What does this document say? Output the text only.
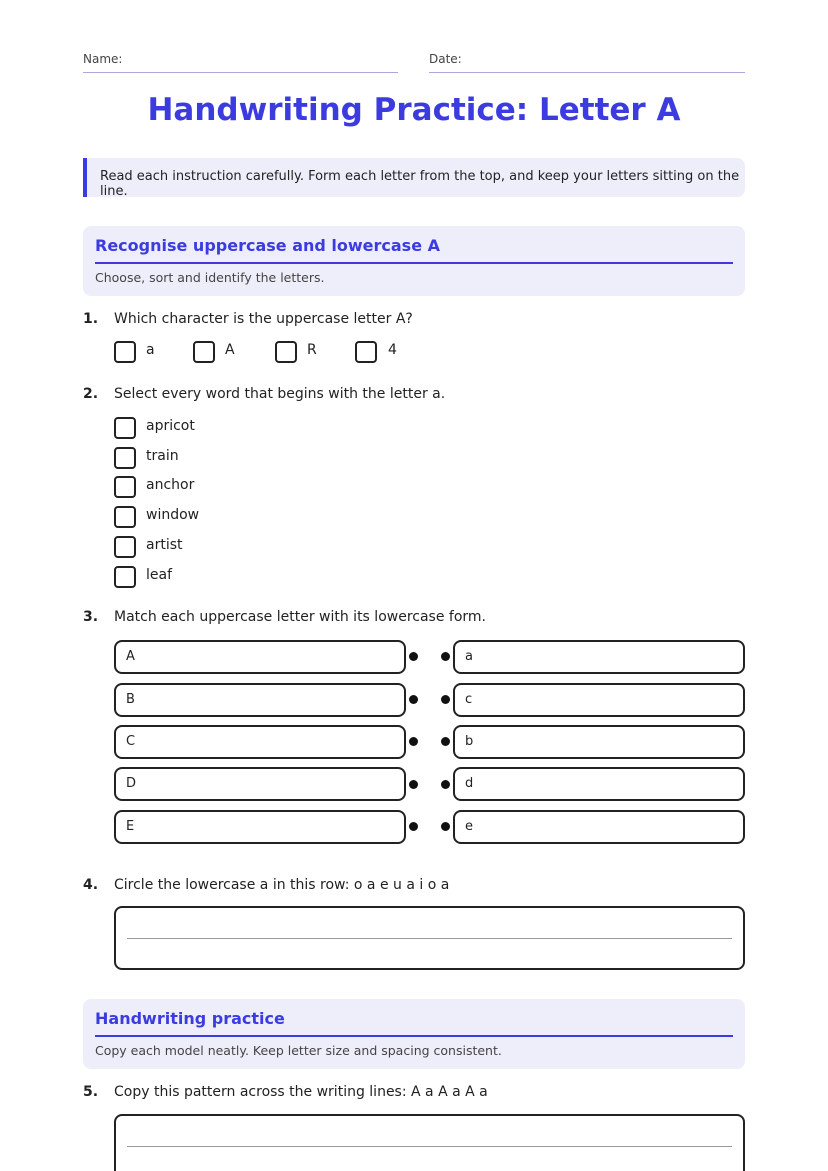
Name:	Date:
Handwriting Practice: Letter A
Read each instruction carefully. Form each letter from the top, and keep your letters sitting on the line.
Recognise uppercase and lowercase A
Choose, sort and identify the letters.
1. Which character is the uppercase letter A?
a	A	R	4
2. Select every word that begins with the letter a.
apricot
train
anchor
window
artist
leaf
3. Match each uppercase letter with its lowercase form.
A	a
B	c
C	b
D	d
E	e
4. Circle the lowercase a in this row: o a e u a i o a
Handwriting practice
Copy each model neatly. Keep letter size and spacing consistent.
5. Copy this pattern across the writing lines: A a A a A a
